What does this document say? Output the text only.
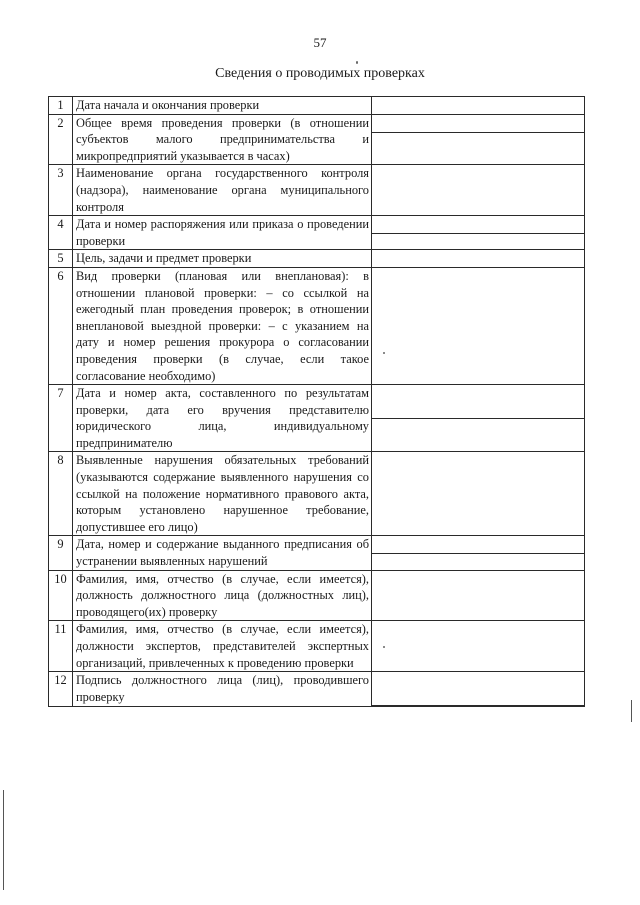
57
Сведения о проводимых проверках
1	Дата начала и окончания проверки	
2	Общее время проведения проверки (в отношении субъектов малого предпринимательства и микропредприятий указывается в часах)	

3	Наименование органа государственного контроля (надзора), наименование органа муниципального контроля	
4	Дата и номер распоряжения или приказа о проведении проверки	

5	Цель, задачи и предмет проверки	
6	Вид проверки (плановая или внеплановая): в отношении плановой проверки: – со ссылкой на ежегодный план проведения проверок; в отношении внеплановой выездной проверки: – с указанием на дату и номер решения прокурора о согласовании проведения проверки (в случае, если такое согласование необходимо)	
7	Дата и номер акта, составленного по результатам проверки, дата его вручения представителю юридического лица, индивидуальному предпринимателю	

8	Выявленные нарушения обязательных требований (указываются содержание выявленного нарушения со ссылкой на положение нормативного правового акта, которым установлено нарушенное требование, допустившее его лицо)	
9	Дата, номер и содержание выданного предписания об устранении выявленных нарушений	

10	Фамилия, имя, отчество (в случае, если имеется), должность должностного лица (должностных лиц), проводящего(их) проверку	
11	Фамилия, имя, отчество (в случае, если имеется), должности экспертов, представителей экспертных организаций, привлеченных к проведению проверки	
12	Подпись должностного лица (лиц), проводившего проверку	
